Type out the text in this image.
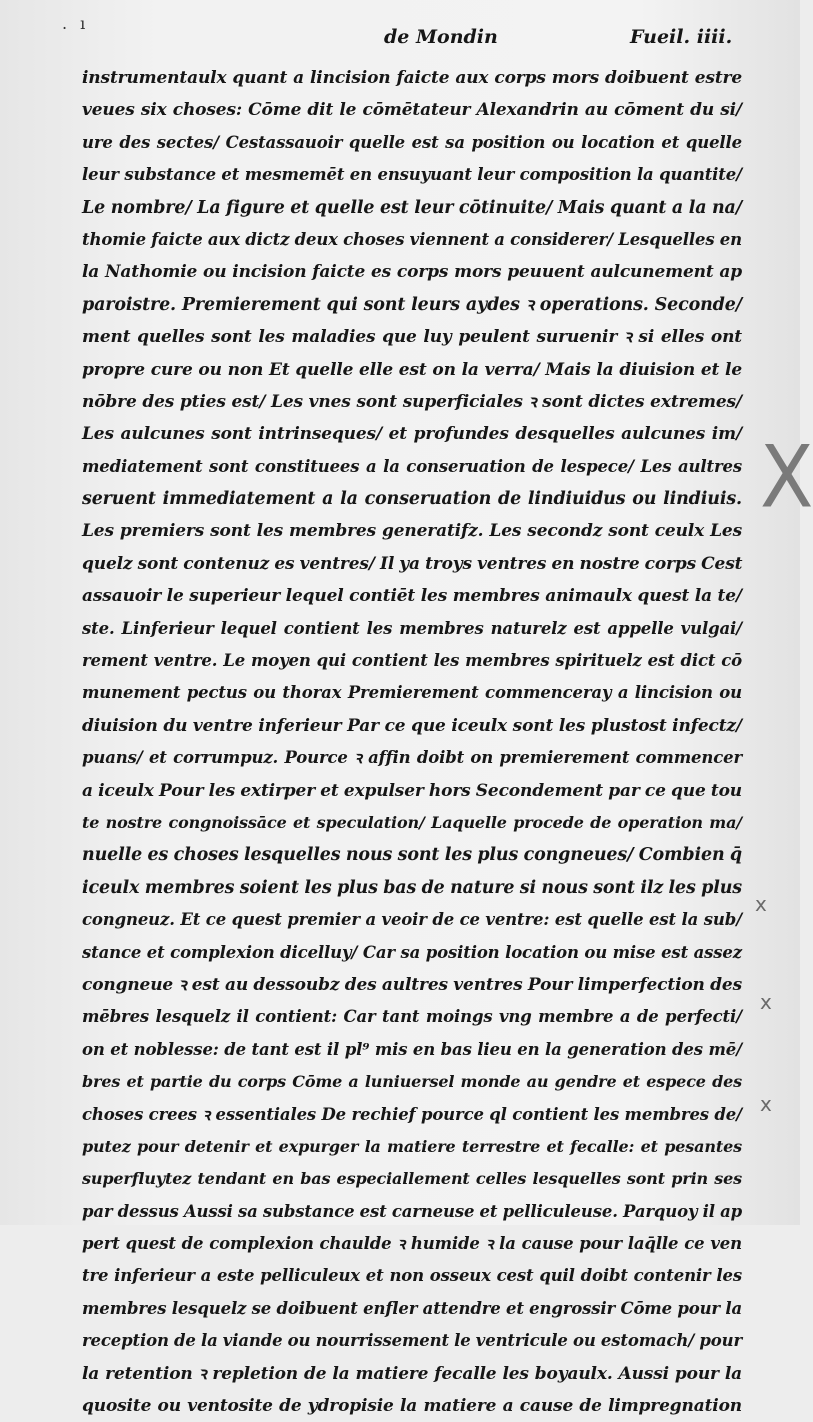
. ı
de Mondin	Fueil. iiii.
instrumentaulx quant a lincision faicte aux corps mors doibuent estre
veues six choses: Cōme dit le cōmētateur Alexandrin au cōment du si/
ure des sectes/ Cestassauoir quelle est sa position ou location et quelle
leur substance et mesmemēt en ensuyuant leur composition la quantite/
Le nombre/ La figure et quelle est leur cōtinuite/ Mais quant a la na/
thomie faicte aux dictz deux choses viennent a considerer/ Lesquelles en
la Nathomie ou incision faicte es corps mors peuuent aulcunement ap
paroistre. Premierement qui sont leurs aydes ꝛ operations. Seconde/
ment quelles sont les maladies que luy peulent suruenir ꝛ si elles ont
propre cure ou non Et quelle elle est on la verra/ Mais la diuision et le
nōbre des pties est/ Les vnes sont superficiales ꝛ sont dictes extremes/
Les aulcunes sont intrinseques/ et profundes desquelles aulcunes im/
mediatement sont constituees a la conseruation de lespece/ Les aultres
seruent immediatement a la conseruation de lindiuidus ou lindiuis.
Les premiers sont les membres generatifz. Les secondz sont ceulx Les
quelz sont contenuz es ventres/ Il ya troys ventres en nostre corps Cest
assauoir le superieur lequel contiēt les membres animaulx quest la te/
ste. Linferieur lequel contient les membres naturelz est appelle vulgai/
rement ventre. Le moyen qui contient les membres spirituelz est dict cō
munement pectus ou thorax Premierement commenceray a lincision ou
diuision du ventre inferieur Par ce que iceulx sont les plustost infectz/
puans/ et corrumpuz. Pource ꝛ affin doibt on premierement commencer
a iceulx Pour les extirper et expulser hors Secondement par ce que tou
te nostre congnoissāce et speculation/ Laquelle procede de operation ma/
nuelle es choses lesquelles nous sont les plus congneues/ Combien q̄
iceulx membres soient les plus bas de nature si nous sont ilz les plus
congneuz. Et ce quest premier a veoir de ce ventre: est quelle est la sub/
stance et complexion dicelluy/ Car sa position location ou mise est assez
congneue ꝛ est au dessoubz des aultres ventres Pour limperfection des
mēbres lesquelz il contient: Car tant moings vng membre a de perfecti/
on et noblesse: de tant est il pl⁹ mis en bas lieu en la generation des mē/
bres et partie du corps Cōme a luniuersel monde au gendre et espece des
choses crees ꝛ essentiales De rechief pource ql contient les membres de/
putez pour detenir et expurger la matiere terrestre et fecalle: et pesantes
superfluytez tendant en bas especiallement celles lesquelles sont prin ses
par dessus Aussi sa substance est carneuse et pelliculeuse. Parquoy il ap
pert quest de complexion chaulde ꝛ humide ꝛ la cause pour laq̄lle ce ven
tre inferieur a este pelliculeux et non osseux cest quil doibt contenir les
membres lesquelz se doibuent enfler attendre et engrossir Cōme pour la
reception de la viande ou nourrissement le ventricule ou estomach/ pour
la retention ꝛ repletion de la matiere fecalle les boyaulx. Aussi pour la
quosite ou ventosite de ydropisie la matiere a cause de limpregnation
X
x
x
x
